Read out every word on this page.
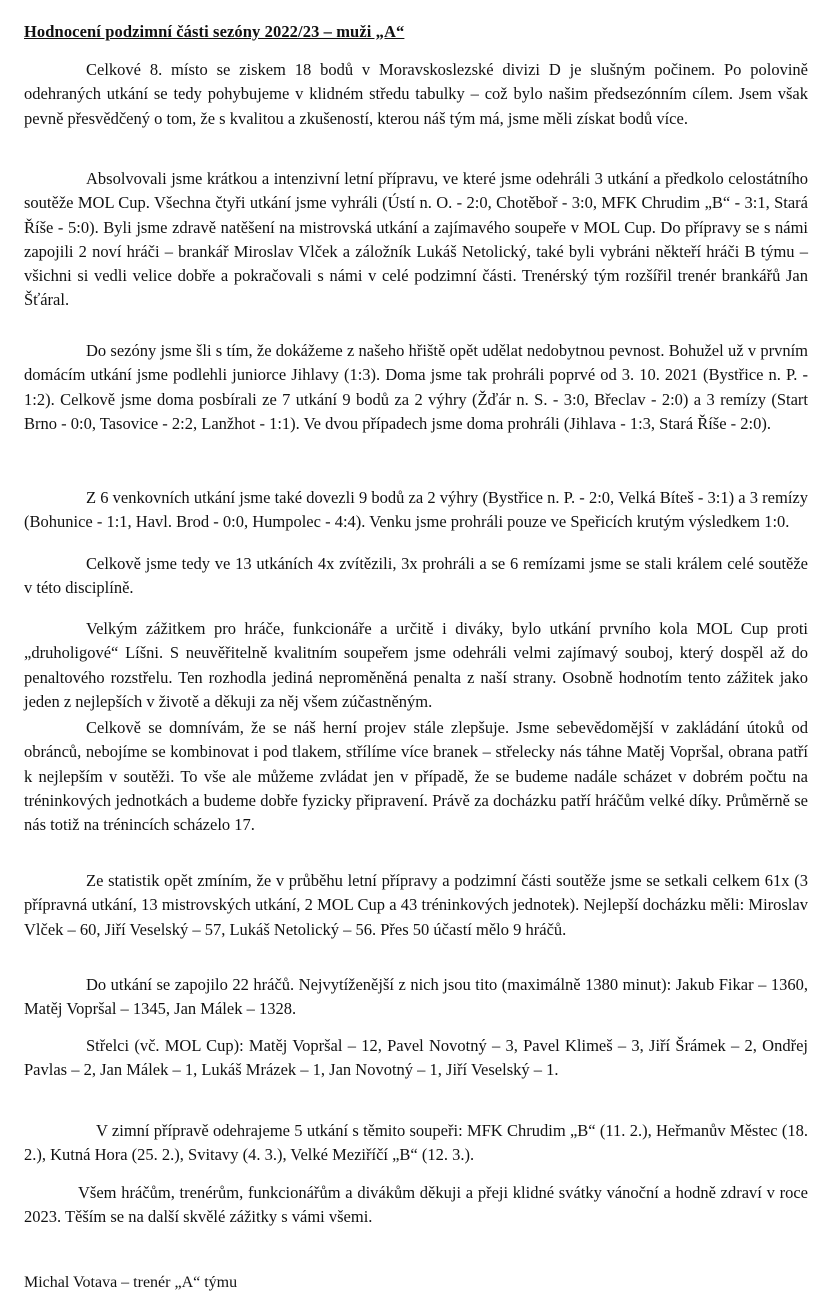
Hodnocení podzimní části sezóny 2022/23 – muži „A“

Celkové 8. místo se ziskem 18 bodů v Moravskoslezské divizi D je slušným počinem. Po polovině odehraných utkání se tedy pohybujeme v klidném středu tabulky – což bylo našim předsezónním cílem. Jsem však pevně přesvědčený o tom, že s kvalitou a zkušeností, kterou náš tým má, jsme měli získat bodů více.

Absolvovali jsme krátkou a intenzivní letní přípravu, ve které jsme odehráli 3 utkání a předkolo celostátního soutěže MOL Cup. Všechna čtyři utkání jsme vyhráli (Ústí n. O. - 2:0, Chotěboř - 3:0, MFK Chrudim „B“ - 3:1, Stará Říše - 5:0). Byli jsme zdravě natěšení na mistrovská utkání a zajímavého soupeře v MOL Cup. Do přípravy se s námi zapojili 2 noví hráči – brankář Miroslav Vlček a záložník Lukáš Netolický, také byli vybráni někteří hráči B týmu – všichni si vedli velice dobře a pokračovali s námi v celé podzimní části. Trenérský tým rozšířil trenér brankářů Jan Šťáral.

Do sezóny jsme šli s tím, že dokážeme z našeho hřiště opět udělat nedobytnou pevnost. Bohužel už v prvním domácím utkání jsme podlehli juniorce Jihlavy (1:3). Doma jsme tak prohráli poprvé od 3. 10. 2021 (Bystřice n. P. - 1:2). Celkově jsme doma posbírali ze 7 utkání 9 bodů za 2 výhry (Žďár n. S. - 3:0, Břeclav - 2:0) a 3 remízy (Start Brno - 0:0, Tasovice - 2:2, Lanžhot - 1:1). Ve dvou případech jsme doma prohráli (Jihlava - 1:3, Stará Říše - 2:0).

Z 6 venkovních utkání jsme také dovezli 9 bodů za 2 výhry (Bystřice n. P. - 2:0, Velká Bíteš - 3:1) a 3 remízy (Bohunice - 1:1, Havl. Brod - 0:0, Humpolec - 4:4). Venku jsme prohráli pouze ve Speřicích krutým výsledkem 1:0.

Celkově jsme tedy ve 13 utkáních 4x zvítězili, 3x prohráli a se 6 remízami jsme se stali králem celé soutěže v této disciplíně.

Velkým zážitkem pro hráče, funkcionáře a určitě i diváky, bylo utkání prvního kola MOL Cup proti „druholigové“ Líšni. S neuvěřitelně kvalitním soupeřem jsme odehráli velmi zajímavý souboj, který dospěl až do penaltového rozstřelu. Ten rozhodla jediná neproměněná penalta z naší strany. Osobně hodnotím tento zážitek jako jeden z nejlepších v životě a děkuji za něj všem zúčastněným.

Celkově se domnívám, že se náš herní projev stále zlepšuje. Jsme sebevědomější v zakládání útoků od obránců, nebojíme se kombinovat i pod tlakem, střílíme více branek – střelecky nás táhne Matěj Vopršal, obrana patří k nejlepším v soutěži. To vše ale můžeme zvládat jen v případě, že se budeme nadále scházet v dobrém počtu na tréninkových jednotkách a budeme dobře fyzicky připravení. Právě za docházku patří hráčům velké díky. Průměrně se nás totiž na trénincích scházelo 17.

Ze statistik opět zmíním, že v průběhu letní přípravy a podzimní části soutěže jsme se setkali celkem 61x (3 přípravná utkání, 13 mistrovských utkání, 2 MOL Cup a 43 tréninkových jednotek). Nejlepší docházku měli: Miroslav Vlček – 60, Jiří Veselský – 57, Lukáš Netolický – 56. Přes 50 účastí mělo 9 hráčů.

Do utkání se zapojilo 22 hráčů. Nejvytíženější z nich jsou tito (maximálně 1380 minut): Jakub Fikar – 1360, Matěj Vopršal – 1345, Jan Málek – 1328.

Střelci (vč. MOL Cup): Matěj Vopršal – 12, Pavel Novotný – 3, Pavel Klimeš – 3, Jiří Šrámek – 2, Ondřej Pavlas – 2, Jan Málek – 1, Lukáš Mrázek – 1, Jan Novotný – 1, Jiří Veselský – 1.

V zimní přípravě odehrajeme 5 utkání s těmito soupeři: MFK Chrudim „B“ (11. 2.), Heřmanův Městec (18. 2.), Kutná Hora (25. 2.), Svitavy (4. 3.), Velké Meziříčí „B“ (12. 3.).

Všem hráčům, trenérům, funkcionářům a divákům děkuji a přeji klidné svátky vánoční a hodně zdraví v roce 2023. Těším se na další skvělé zážitky s vámi všemi.

Michal Votava – trenér „A“ týmu
